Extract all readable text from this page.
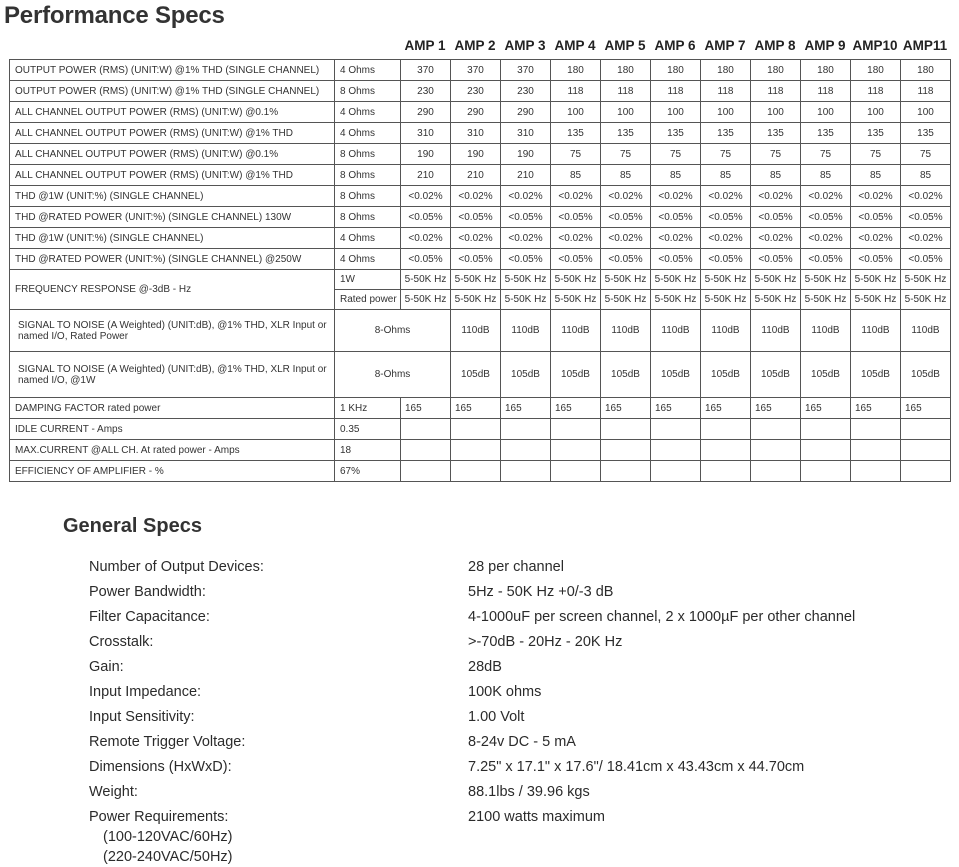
Performance Specs
AMP 1 AMP 2 AMP 3 AMP 4 AMP 5 AMP 6 AMP 7 AMP 8 AMP 9 AMP10 AMP11
OUTPUT POWER (RMS) (UNIT:W) @1% THD (SINGLE CHANNEL)	4 Ohms	370	370	370	180	180	180	180	180	180	180	180
OUTPUT POWER (RMS) (UNIT:W) @1% THD (SINGLE CHANNEL)	8 Ohms	230	230	230	118	118	118	118	118	118	118	118
ALL CHANNEL OUTPUT POWER (RMS) (UNIT:W) @0.1%	4 Ohms	290	290	290	100	100	100	100	100	100	100	100
ALL CHANNEL OUTPUT POWER (RMS) (UNIT:W) @1% THD	4 Ohms	310	310	310	135	135	135	135	135	135	135	135
ALL CHANNEL OUTPUT POWER (RMS) (UNIT:W) @0.1%	8 Ohms	190	190	190	75	75	75	75	75	75	75	75
ALL CHANNEL OUTPUT POWER (RMS) (UNIT:W) @1% THD	8 Ohms	210	210	210	85	85	85	85	85	85	85	85
THD @1W (UNIT:%) (SINGLE CHANNEL)	8 Ohms	<0.02%	<0.02%	<0.02%	<0.02%	<0.02%	<0.02%	<0.02%	<0.02%	<0.02%	<0.02%	<0.02%
THD @RATED POWER (UNIT:%) (SINGLE CHANNEL) 130W	8 Ohms	<0.05%	<0.05%	<0.05%	<0.05%	<0.05%	<0.05%	<0.05%	<0.05%	<0.05%	<0.05%	<0.05%
THD @1W (UNIT:%) (SINGLE CHANNEL)	4 Ohms	<0.02%	<0.02%	<0.02%	<0.02%	<0.02%	<0.02%	<0.02%	<0.02%	<0.02%	<0.02%	<0.02%
THD @RATED POWER (UNIT:%) (SINGLE CHANNEL) @250W	4 Ohms	<0.05%	<0.05%	<0.05%	<0.05%	<0.05%	<0.05%	<0.05%	<0.05%	<0.05%	<0.05%	<0.05%
FREQUENCY RESPONSE @-3dB - Hz	1W	5-50K Hz	5-50K Hz	5-50K Hz	5-50K Hz	5-50K Hz	5-50K Hz	5-50K Hz	5-50K Hz	5-50K Hz	5-50K Hz	5-50K Hz
	Rated power	5-50K Hz	5-50K Hz	5-50K Hz	5-50K Hz	5-50K Hz	5-50K Hz	5-50K Hz	5-50K Hz	5-50K Hz	5-50K Hz	5-50K Hz
SIGNAL TO NOISE (A Weighted) (UNIT:dB), @1% THD, XLR Input or named I/O, Rated Power	8-Ohms		110dB	110dB	110dB	110dB	110dB	110dB	110dB	110dB	110dB	110dB
SIGNAL TO NOISE (A Weighted) (UNIT:dB), @1% THD, XLR Input or named I/O, @1W	8-Ohms		105dB	105dB	105dB	105dB	105dB	105dB	105dB	105dB	105dB	105dB
DAMPING FACTOR rated power	1 KHz	165	165	165	165	165	165	165	165	165	165	165
IDLE CURRENT - Amps	0.35											
MAX.CURRENT @ALL CH. At rated power - Amps	18											
EFFICIENCY OF AMPLIFIER - %	67%											
General Specs
Number of Output Devices:	28 per channel
Power Bandwidth:	5Hz - 50K Hz +0/-3 dB
Filter Capacitance:	4-1000uF per screen channel, 2 x 1000µF per other channel
Crosstalk:	>-70dB - 20Hz - 20K Hz
Gain:	28dB
Input Impedance:	100K ohms
Input Sensitivity:	1.00 Volt
Remote Trigger Voltage:	8-24v DC - 5 mA
Dimensions (HxWxD):	7.25" x 17.1" x 17.6"/ 18.41cm x 43.43cm x 44.70cm
Weight:	88.1lbs / 39.96 kgs
Power Requirements:	2100 watts maximum
(100-120VAC/60Hz)
(220-240VAC/50Hz)
